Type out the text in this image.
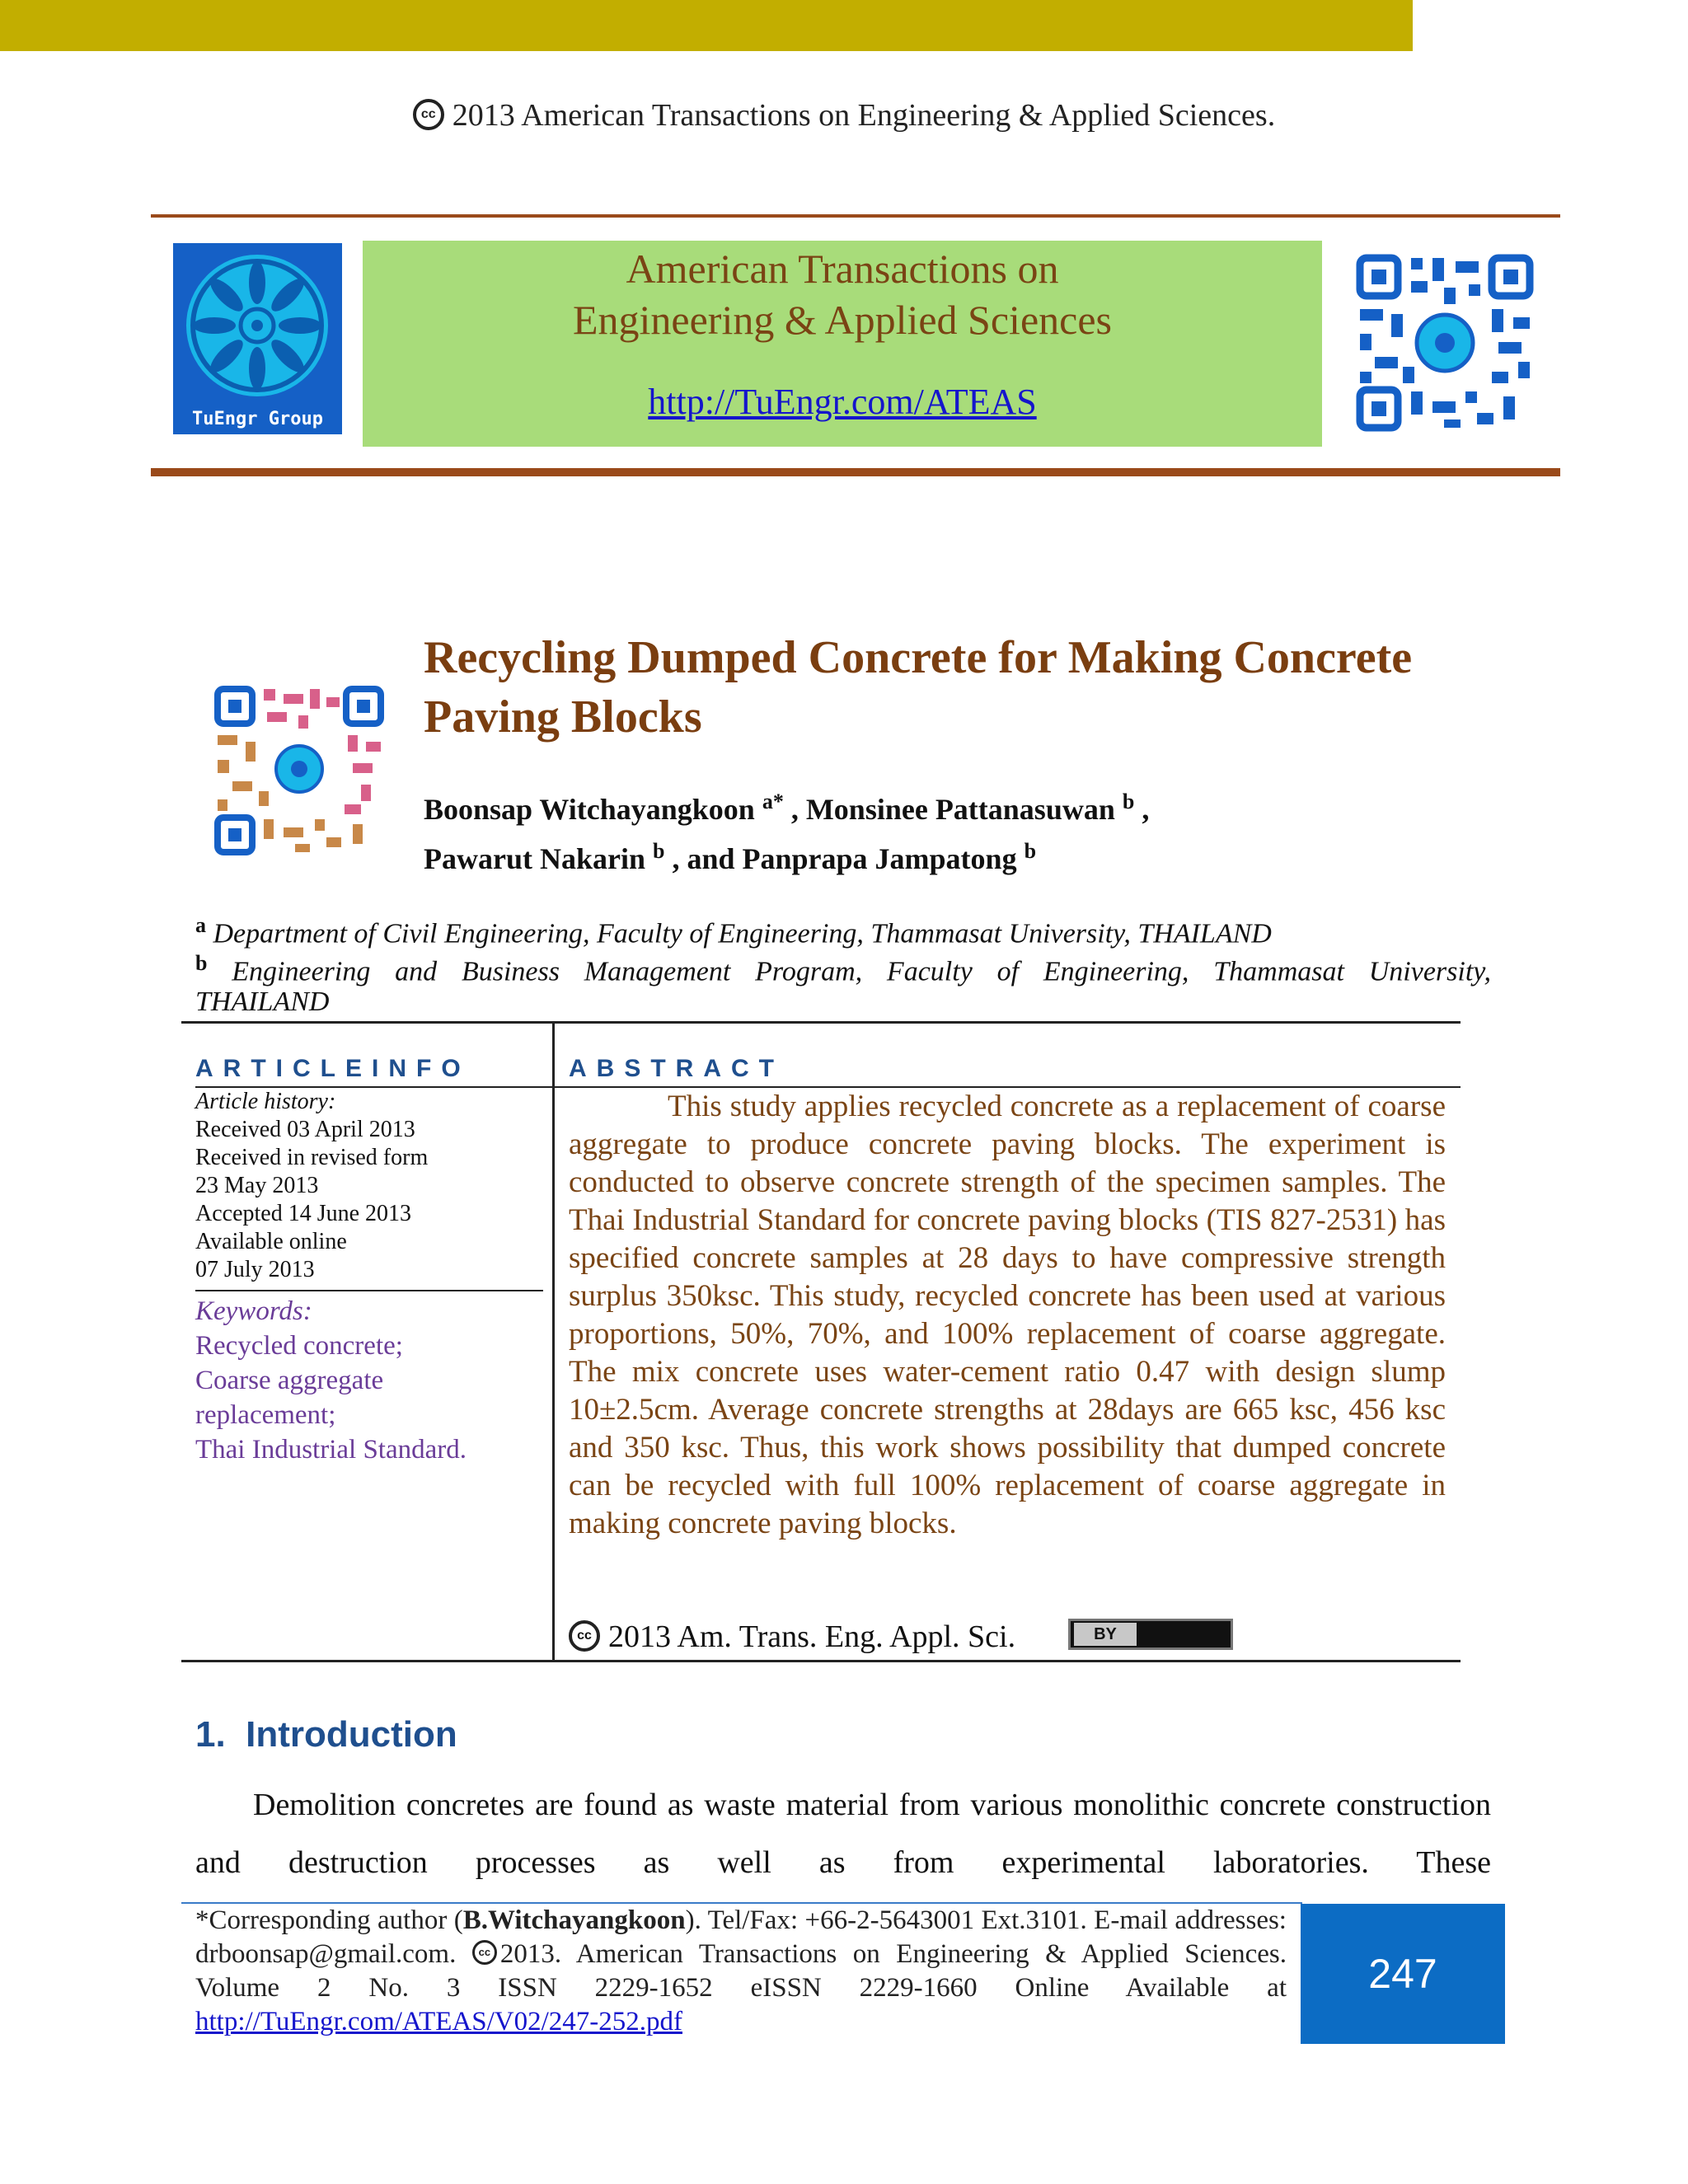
cc 2013 American Transactions on Engineering & Applied Sciences.
TuEngr Group
American Transactions on
Engineering & Applied Sciences
http://TuEngr.com/ATEAS
Recycling Dumped Concrete for Making Concrete Paving Blocks
Boonsap Witchayangkoon $^{a*}$ , Monsinee Pattanasuwan $^b$ ,
Pawarut Nakarin $^b$ , and Panprapa Jampatong $^b$
$^a$ Department of Civil Engineering, Faculty of Engineering, Thammasat University, THAILAND
$^b$ Engineering and Business Management Program, Faculty of Engineering, Thammasat University,
THAILAND
ARTICLEINFO	ABSTRACT
Article history:
Received 03 April 2013
Received in revised form
23 May 2013
Accepted 14 June 2013
Available online
07 July 2013
Keywords:
Recycled concrete;
Coarse aggregate
replacement;
Thai Industrial Standard.
This study applies recycled concrete as a replacement of coarse aggregate to produce concrete paving blocks. The experiment is conducted to observe concrete strength of the specimen samples. The Thai Industrial Standard for concrete paving blocks (TIS 827-2531) has specified concrete samples at 28 days to have compressive strength surplus 350ksc. This study, recycled concrete has been used at various proportions, 50%, 70%, and 100% replacement of coarse aggregate. The mix concrete uses water-cement ratio 0.47 with design slump 10±2.5cm. Average concrete strengths at 28days are 665 ksc, 456 ksc and 350 ksc. Thus, this work shows possibility that dumped concrete can be recycled with full 100% replacement of coarse aggregate in making concrete paving blocks.
cc 2013 Am. Trans. Eng. Appl. Sci.	BY
1. Introduction
Demolition concretes are found as waste material from various monolithic concrete construction and destruction processes as well as from experimental laboratories. These
*Corresponding author (B.Witchayangkoon). Tel/Fax: +66-2-5643001 Ext.3101. E-mail addresses: drboonsap@gmail.com. cc 2013. American Transactions on Engineering & Applied Sciences. Volume 2 No. 3 ISSN 2229-1652 eISSN 2229-1660 Online Available at http://TuEngr.com/ATEAS/V02/247-252.pdf
247
